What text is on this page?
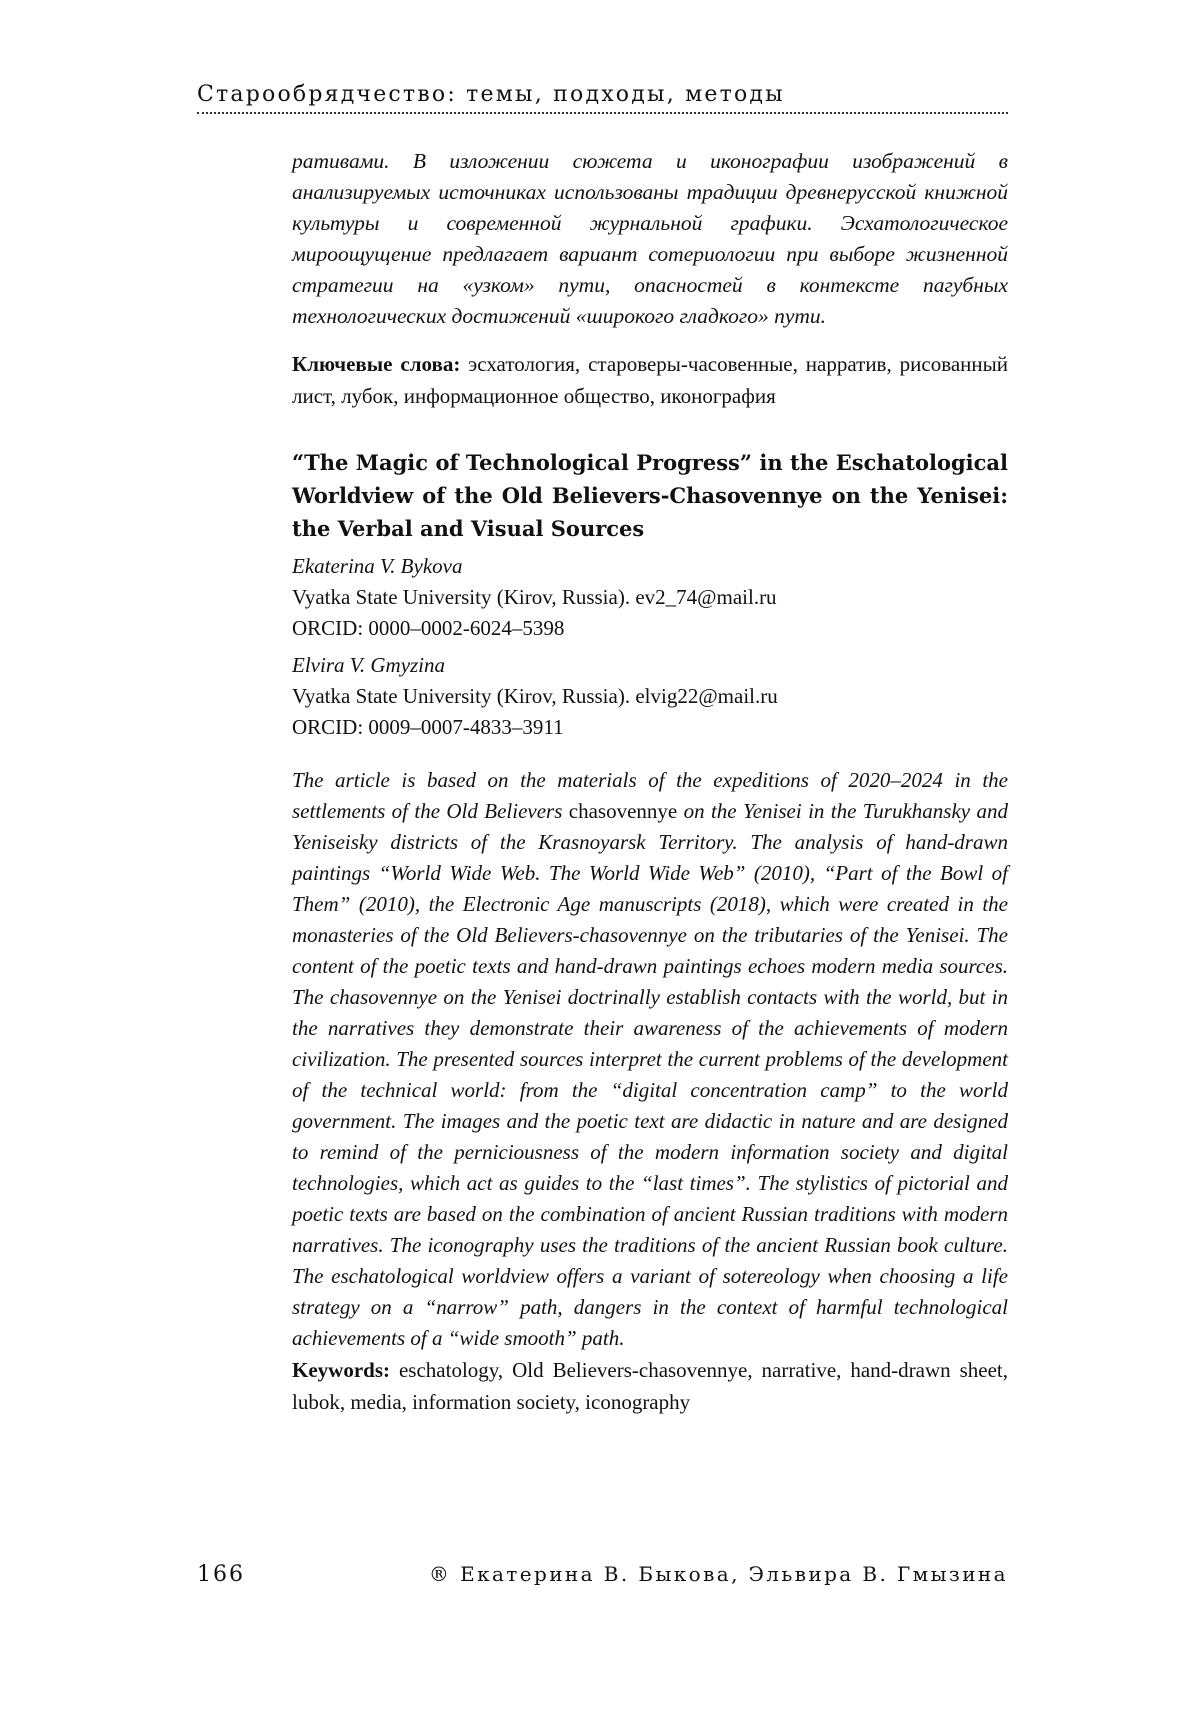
Старообрядчество: темы, подходы, методы

ративами. В изложении сюжета и иконографии изображений в анализируемых источниках использованы традиции древнерусской книжной культуры и современной журнальной графики. Эсхатологическое мироощущение предлагает вариант сотериологии при выборе жизненной стратегии на «узком» пути, опасностей в контексте пагубных технологических достижений «широкого гладкого» пути.

Ключевые слова: эсхатология, староверы-часовенные, нарратив, рисованный лист, лубок, информационное общество, иконография

“The Magic of Technological Progress” in the Eschatological Worldview of the Old Believers-Chasovennye on the Yenisei: the Verbal and Visual Sources

Ekaterina V. Bykova
Vyatka State University (Kirov, Russia). ev2_74@mail.ru
ORCID: 0000–0002-6024–5398
Elvira V. Gmyzina
Vyatka State University (Kirov, Russia). elvig22@mail.ru
ORCID: 0009–0007-4833–3911

The article is based on the materials of the expeditions of 2020–2024 in the settlements of the Old Believers chasovennye on the Yenisei in the Turukhansky and Yeniseisky districts of the Krasnoyarsk Territory. The analysis of hand-drawn paintings “World Wide Web. The World Wide Web” (2010), “Part of the Bowl of Them” (2010), the Electronic Age manuscripts (2018), which were created in the monasteries of the Old Believers-chasovennye on the tributaries of the Yenisei. The content of the poetic texts and hand-drawn paintings echoes modern media sources. The chasovennye on the Yenisei doctrinally establish contacts with the world, but in the narratives they demonstrate their awareness of the achievements of modern civilization. The presented sources interpret the current problems of the development of the technical world: from the “digital concentration camp” to the world government. The images and the poetic text are didactic in nature and are designed to remind of the perniciousness of the modern information society and digital technologies, which act as guides to the “last times”. The stylistics of pictorial and poetic texts are based on the combination of ancient Russian traditions with modern narratives. The iconography uses the traditions of the ancient Russian book culture. The eschatological worldview offers a variant of sotereology when choosing a life strategy on a “narrow” path, dangers in the context of harmful technological achievements of a “wide smooth” path.

Keywords: eschatology, Old Believers-chasovennye, narrative, hand-drawn sheet, lubok, media, information society, iconography

166	® Екатерина В. Быкова, Эльвира В. Гмызина
